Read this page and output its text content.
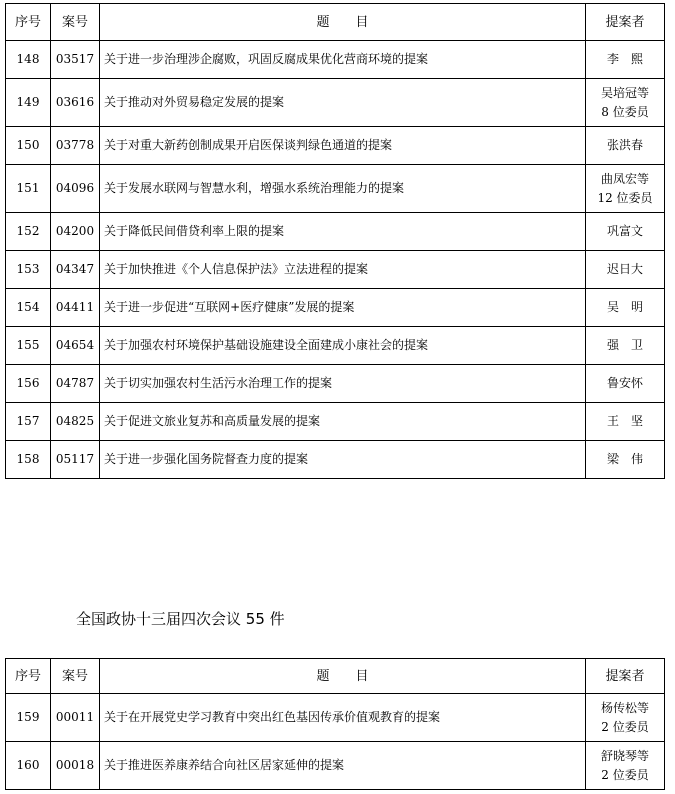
序号	案号	题　　目	提案者
148	03517	关于进一步治理涉企腐败，巩固反腐成果优化营商环境的提案	李　熙

149	03616	关于推动对外贸易稳定发展的提案	吴培冠等
8 位委员

150	03778	关于对重大新药创制成果开启医保谈判绿色通道的提案	张洪春

151	04096	关于发展水联网与智慧水利，增强水系统治理能力的提案	曲凤宏等
12 位委员

152	04200	关于降低民间借贷利率上限的提案	巩富文

153	04347	关于加快推进《个人信息保护法》立法进程的提案	迟日大

154	04411	关于进一步促进“互联网+医疗健康”发展的提案	吴　明

155	04654	关于加强农村环境保护基础设施建设全面建成小康社会的提案	强　卫

156	04787	关于切实加强农村生活污水治理工作的提案	鲁安怀

157	04825	关于促进文旅业复苏和高质量发展的提案	王　坚

158	05117	关于进一步强化国务院督查力度的提案	梁　伟
全国政协十三届四次会议 55 件
序号	案号	题　　目	提案者
159	00011	关于在开展党史学习教育中突出红色基因传承价值观教育的提案	杨传松等
2 位委员

160	00018	关于推进医养康养结合向社区居家延伸的提案	舒晓琴等
2 位委员
